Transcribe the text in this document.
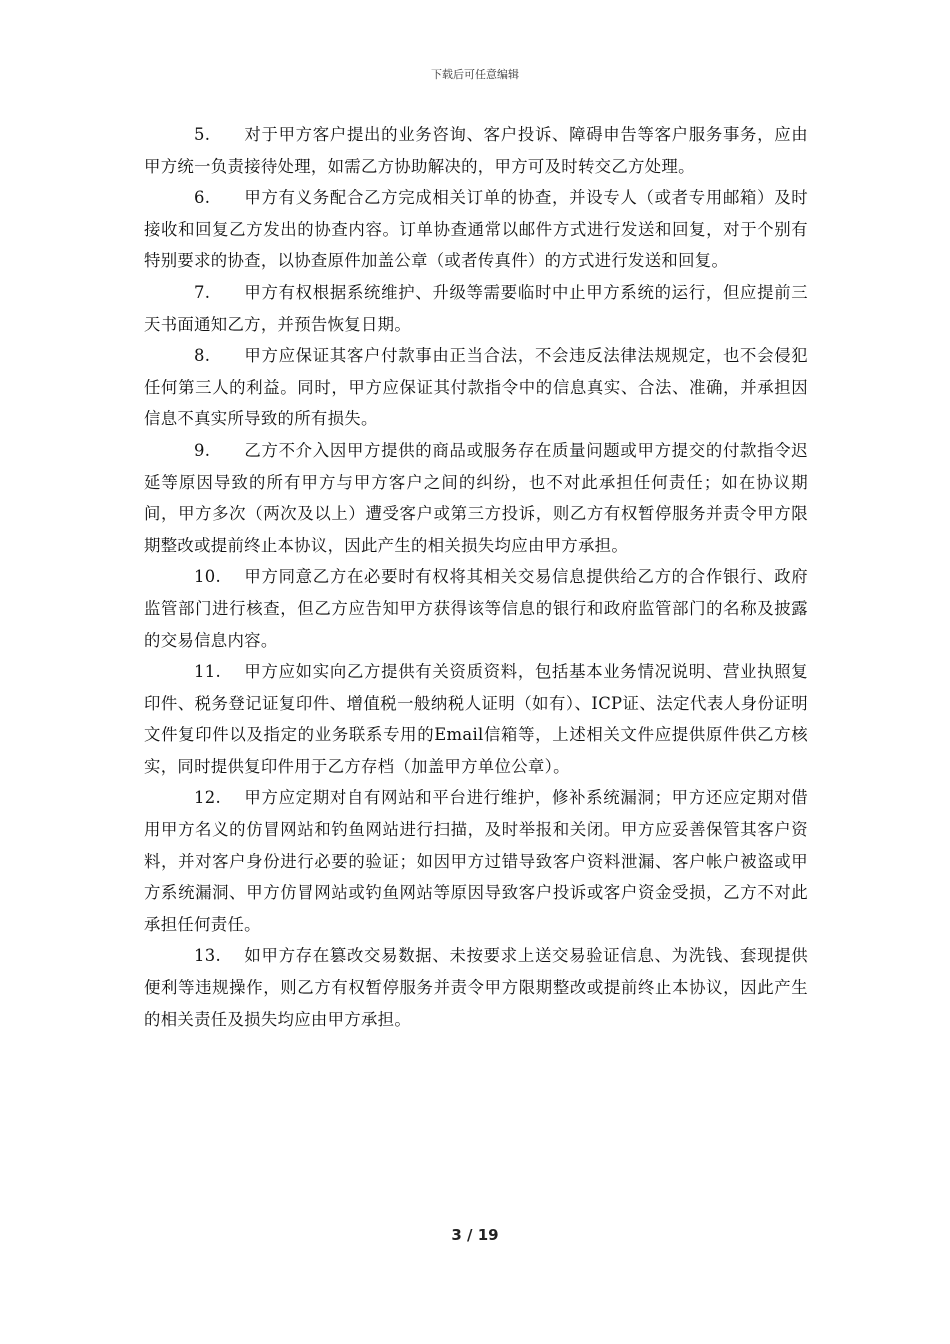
下载后可任意编辑

5. 对于甲方客户提出的业务咨询、客户投诉、障碍申告等客户服务事务，应由甲方统一负责接待处理，如需乙方协助解决的，甲方可及时转交乙方处理。

6. 甲方有义务配合乙方完成相关订单的协查，并设专人（或者专用邮箱）及时接收和回复乙方发出的协查内容。订单协查通常以邮件方式进行发送和回复，对于个别有特别要求的协查，以协查原件加盖公章（或者传真件）的方式进行发送和回复。

7. 甲方有权根据系统维护、升级等需要临时中止甲方系统的运行，但应提前三天书面通知乙方，并预告恢复日期。

8. 甲方应保证其客户付款事由正当合法，不会违反法律法规规定，也不会侵犯任何第三人的利益。同时，甲方应保证其付款指令中的信息真实、合法、准确，并承担因信息不真实所导致的所有损失。

9. 乙方不介入因甲方提供的商品或服务存在质量问题或甲方提交的付款指令迟延等原因导致的所有甲方与甲方客户之间的纠纷，也不对此承担任何责任；如在协议期间，甲方多次（两次及以上）遭受客户或第三方投诉，则乙方有权暂停服务并责令甲方限期整改或提前终止本协议，因此产生的相关损失均应由甲方承担。

10. 甲方同意乙方在必要时有权将其相关交易信息提供给乙方的合作银行、政府监管部门进行核查，但乙方应告知甲方获得该等信息的银行和政府监管部门的名称及披露的交易信息内容。

11. 甲方应如实向乙方提供有关资质资料，包括基本业务情况说明、营业执照复印件、税务登记证复印件、增值税一般纳税人证明（如有）、ICP证、法定代表人身份证明文件复印件以及指定的业务联系专用的Email信箱等，上述相关文件应提供原件供乙方核实，同时提供复印件用于乙方存档（加盖甲方单位公章）。

12. 甲方应定期对自有网站和平台进行维护，修补系统漏洞；甲方还应定期对借用甲方名义的仿冒网站和钓鱼网站进行扫描，及时举报和关闭。甲方应妥善保管其客户资料，并对客户身份进行必要的验证；如因甲方过错导致客户资料泄漏、客户帐户被盗或甲方系统漏洞、甲方仿冒网站或钓鱼网站等原因导致客户投诉或客户资金受损，乙方不对此承担任何责任。

13. 如甲方存在篡改交易数据、未按要求上送交易验证信息、为洗钱、套现提供便利等违规操作，则乙方有权暂停服务并责令甲方限期整改或提前终止本协议，因此产生的相关责任及损失均应由甲方承担。

3 / 19
